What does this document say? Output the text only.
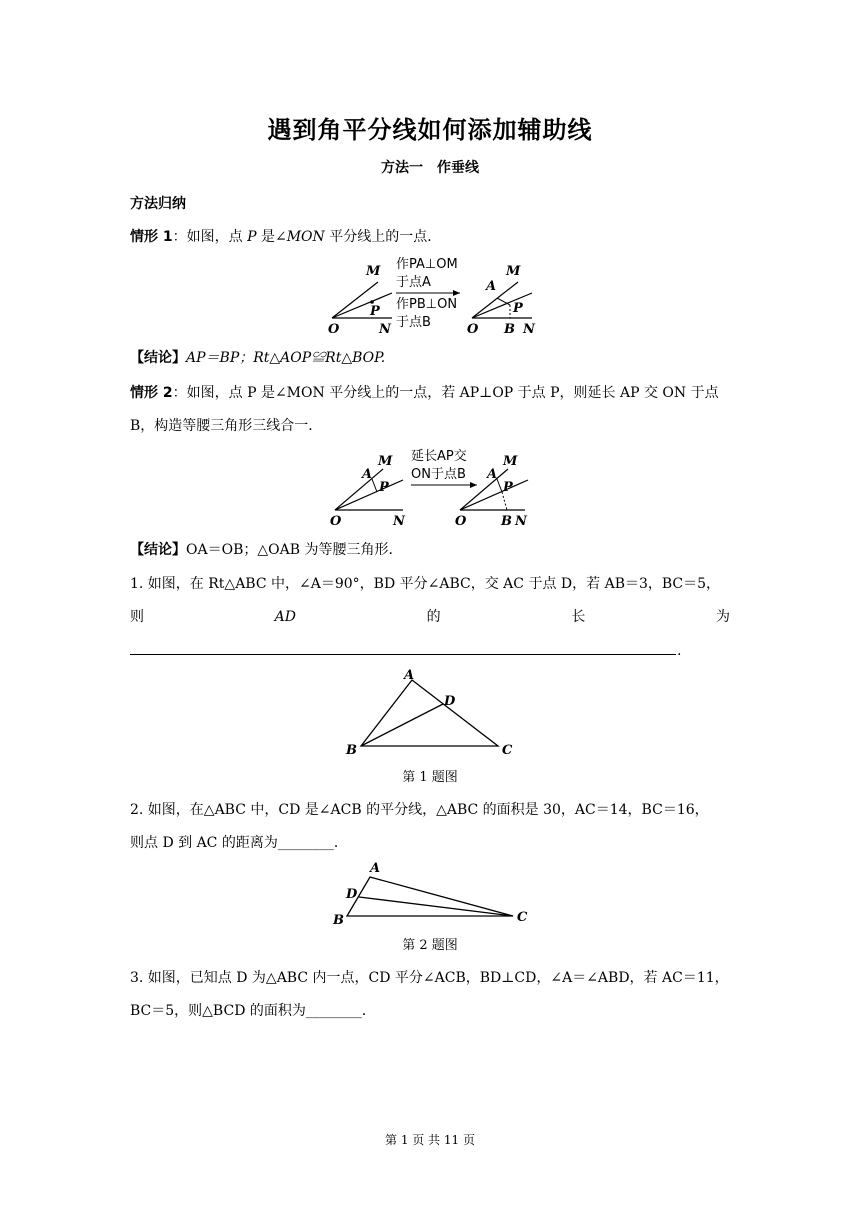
遇到角平分线如何添加辅助线
方法一　作垂线
方法归纳
情形 1：如图，点 P 是∠MON 平分线上的一点．
M
P
O	N
作PA⊥OM
于点A
作PB⊥ON
于点B
M
A
P
O B N
【结论】AP＝BP；Rt△AOP≌Rt△BOP.
情形 2：如图，点 P 是∠MON 平分线上的一点，若 AP⊥OP 于点 P，则延长 AP 交 ON 于点
B，构造等腰三角形三线合一．
M
A
P
O	N
延长AP交
ON于点B
M
A
P
O	B N
【结论】OA＝OB；△OAB 为等腰三角形．
1. 如图，在 Rt△ABC 中，∠A＝90°，BD 平分∠ABC，交 AC 于点 D，若 AB＝3，BC＝5，
则	AD	的	长	为
.
A
D
B	C
第 1 题图
2. 如图，在△ABC 中，CD 是∠ACB 的平分线，△ABC 的面积是 30，AC＝14，BC＝16，
则点 D 到 AC 的距离为________．
A
D
B	C
第 2 题图
3. 如图，已知点 D 为△ABC 内一点，CD 平分∠ACB，BD⊥CD，∠A＝∠ABD，若 AC＝11，
BC＝5，则△BCD 的面积为________．
第 1 页 共 11 页
